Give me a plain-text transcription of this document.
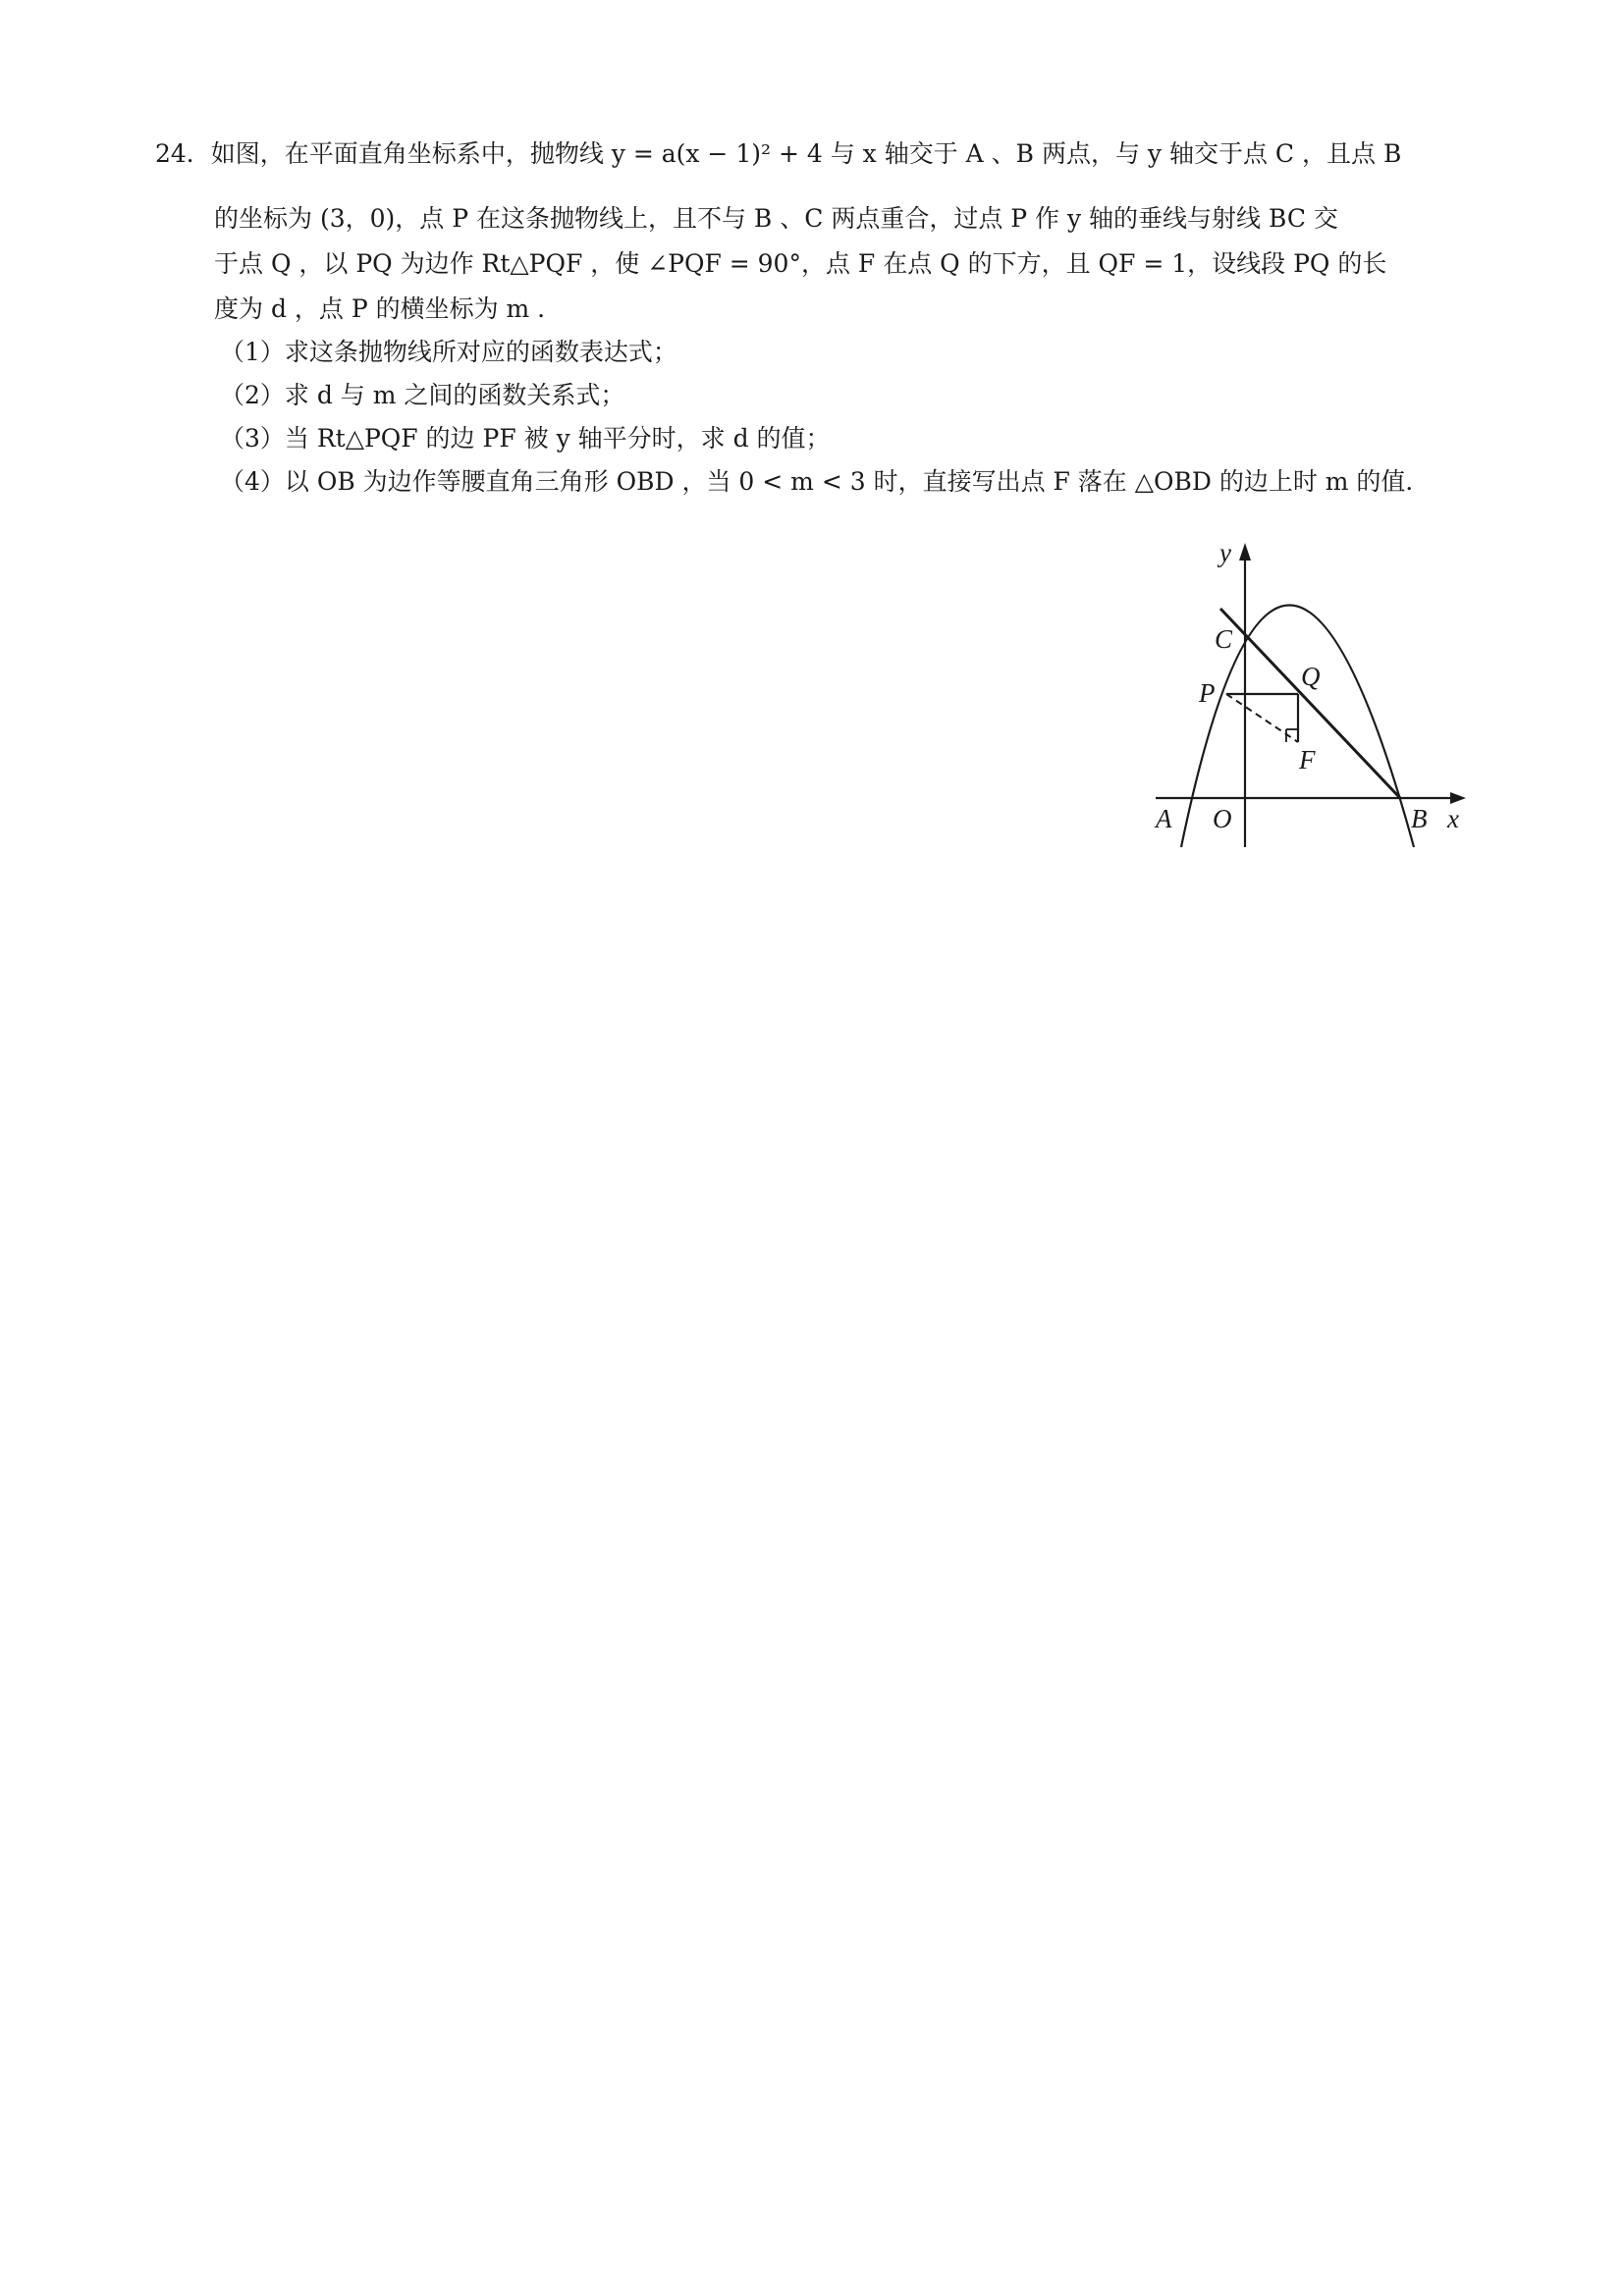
24．如图，在平面直角坐标系中，抛物线 y = a(x − 1)² + 4 与 x 轴交于 A 、B 两点，与 y 轴交于点 C ，且点 B
的坐标为 (3，0)，点 P 在这条抛物线上，且不与 B 、C 两点重合，过点 P 作 y 轴的垂线与射线 BC 交
于点 Q ，以 PQ 为边作 Rt△PQF ，使 ∠PQF = 90°，点 F 在点 Q 的下方，且 QF = 1，设线段 PQ 的长
度为 d ，点 P 的横坐标为 m ．
（1）求这条抛物线所对应的函数表达式；
（2）求 d 与 m 之间的函数关系式；
（3）当 Rt△PQF 的边 PF 被 y 轴平分时，求 d 的值；
（4）以 OB 为边作等腰直角三角形 OBD ，当 0 < m < 3 时，直接写出点 F 落在 △OBD 的边上时 m 的值．
y
x
C
P
Q
F
A O	B
